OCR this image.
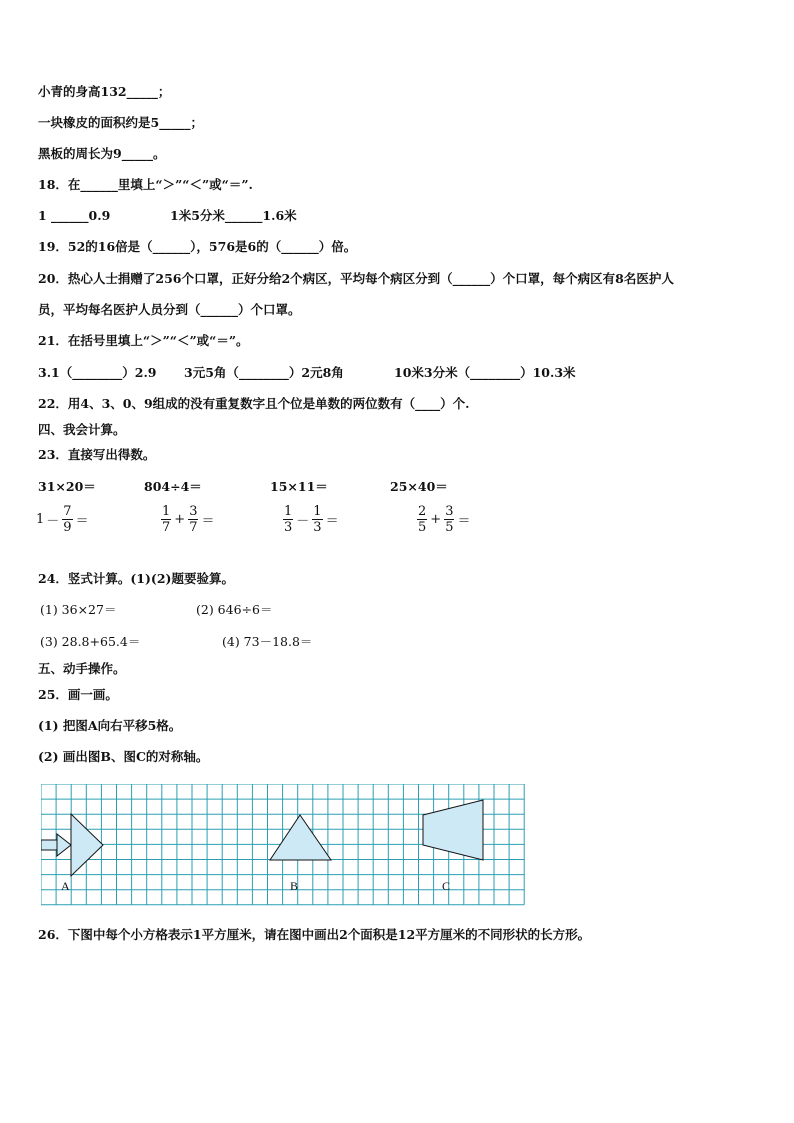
小青的身高132_____；
一块橡皮的面积约是5_____；
黑板的周长为9_____。
18．在______里填上“＞”“＜”或“＝”.
1 ______0.9	1米5分米______1.6米
19．52的16倍是（______），576是6的（______）倍。
20．热心人士捐赠了256个口罩，正好分给2个病区，平均每个病区分到（______）个口罩，每个病区有8名医护人
员，平均每名医护人员分到（______）个口罩。
21．在括号里填上“＞”“＜”或“＝”。
3.1（________）2.9 3元5角（________）2元8角	10米3分米（________）10.3米
22．用4、3、0、9组成的没有重复数字且个位是单数的两位数有（____）个.
四、我会计算。
23．直接写出得数。
31×20＝	804÷4＝	15×11＝	25×40＝
$1 - \frac{7}{9}$ ＝	$\frac{1}{7} + \frac{3}{7}$ ＝	$\frac{1}{3} - \frac{1}{3}$ ＝	$\frac{2}{5} + \frac{3}{5}$ ＝
24．竖式计算。(1)(2)题要验算。
(1) 36×27＝	(2) 646÷6＝
(3) 28.8+65.4＝	(4) 73－18.8＝
五、动手操作。
25．画一画。
(1) 把图A向右平移5格。
(2) 画出图B、图C的对称轴。
A	B	C
26．下图中每个小方格表示1平方厘米，请在图中画出2个面积是12平方厘米的不同形状的长方形。
